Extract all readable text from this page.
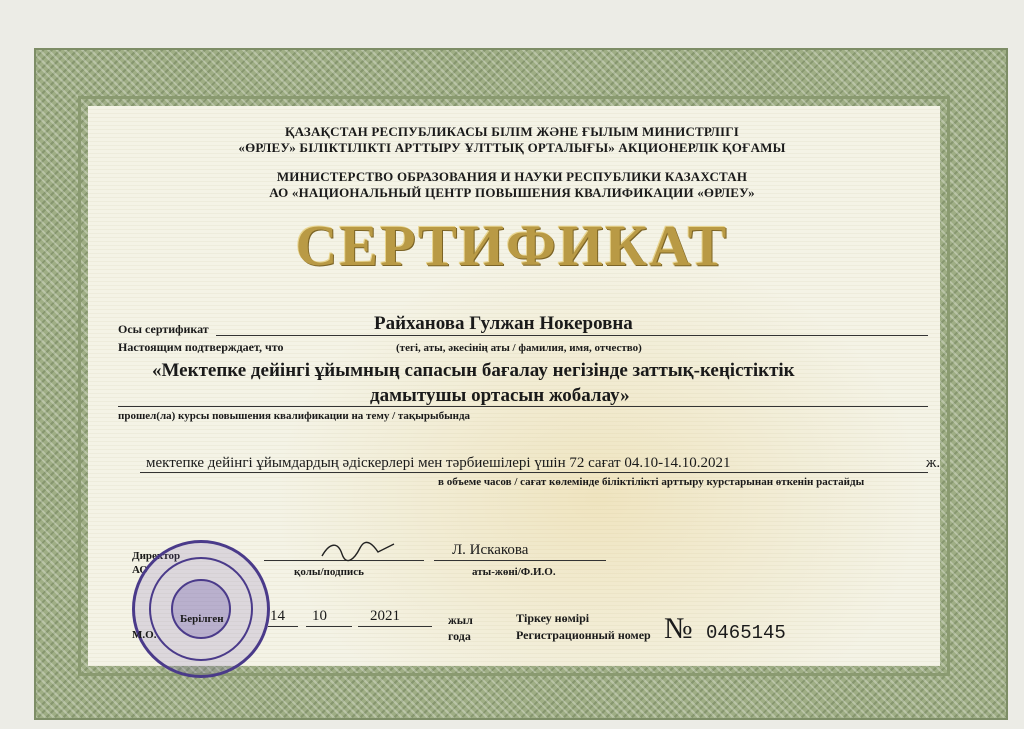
ҚАЗАҚСТАН РЕСПУБЛИКАСЫ БІЛІМ ЖӘНЕ ҒЫЛЫМ МИНИСТРЛІГІ
«ӨРЛЕУ» БІЛІКТІЛІКТІ АРТТЫРУ ҰЛТТЫҚ ОРТАЛЫҒЫ» АКЦИОНЕРЛІК ҚОҒАМЫ
МИНИСТЕРСТВО ОБРАЗОВАНИЯ И НАУКИ РЕСПУБЛИКИ КАЗАХСТАН
АО «НАЦИОНАЛЬНЫЙ ЦЕНТР ПОВЫШЕНИЯ КВАЛИФИКАЦИИ «ӨРЛЕУ»
СЕРТИФИКАТ
Осы сертификат	Райханова Гулжан Нокеровна
Настоящим подтверждает, что	(тегі, аты, әкесінің аты / фамилия, имя, отчество)
«Мектепке дейінгі ұйымның сапасын бағалау негізінде заттық-кеңістіктік
дамытушы ортасын жобалау»
прошел(ла) курсы повышения квалификации на тему / тақырыбында
мектепке дейінгі ұйымдардың әдіскерлері мен тәрбиешілері үшін 72 сағат 04.10-14.10.2021	ж.
в объеме часов / сағат көлемінде біліктілікті арттыру курстарынан өткенін растайды
Директор
АО	қолы/подпись
Л. Искакова
аты-жөні/Ф.И.О.
Берілген
М.О.
14 10	2021	жыл
года
Тіркеу нөмірі
Регистрационный номер № 0465145
